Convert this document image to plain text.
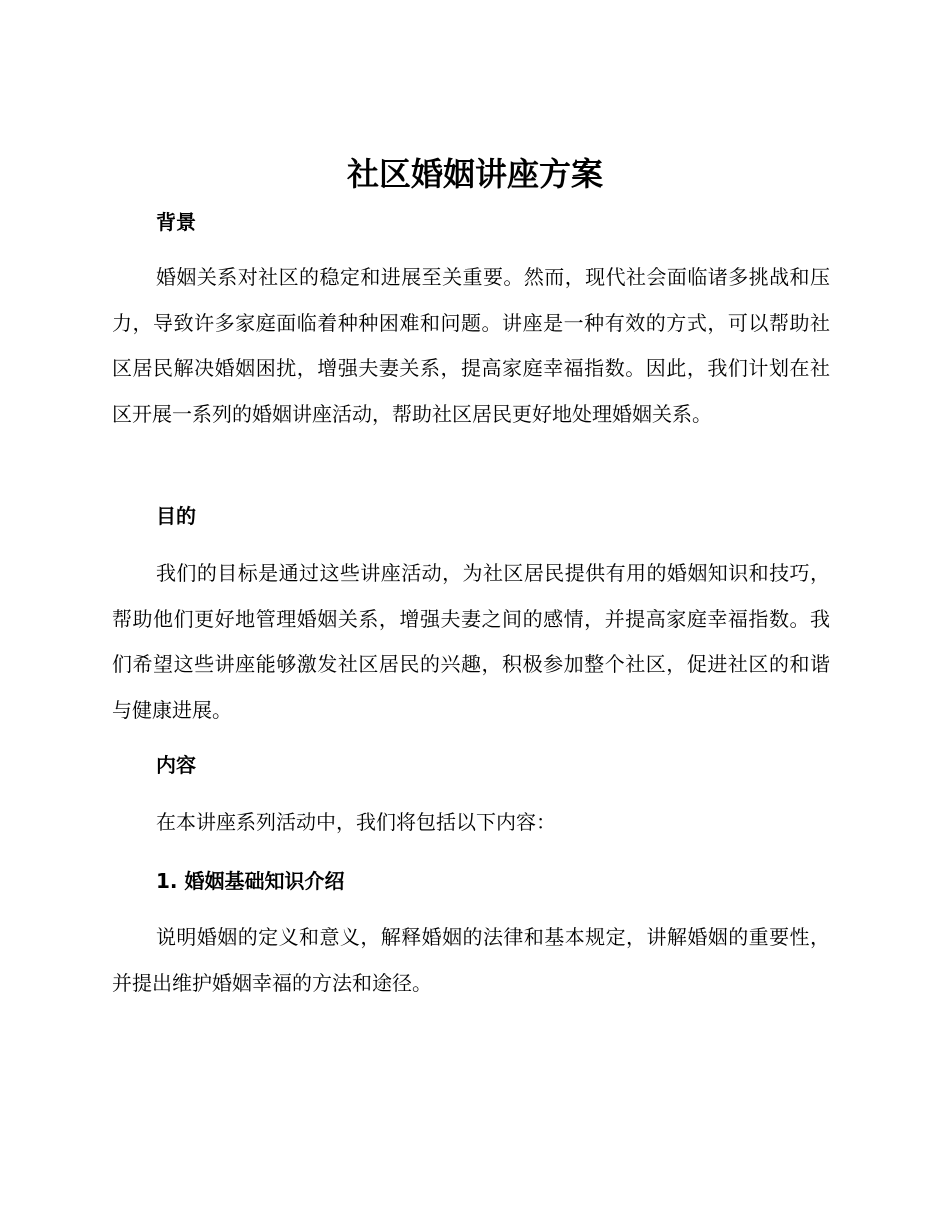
社区婚姻讲座方案
背景

婚姻关系对社区的稳定和进展至关重要。然而，现代社会面临诸多挑战和压力，导致许多家庭面临着种种困难和问题。讲座是一种有效的方式，可以帮助社区居民解决婚姻困扰，增强夫妻关系，提高家庭幸福指数。因此，我们计划在社区开展一系列的婚姻讲座活动，帮助社区居民更好地处理婚姻关系。

目的

我们的目标是通过这些讲座活动，为社区居民提供有用的婚姻知识和技巧，帮助他们更好地管理婚姻关系，增强夫妻之间的感情，并提高家庭幸福指数。我们希望这些讲座能够激发社区居民的兴趣，积极参加整个社区，促进社区的和谐与健康进展。

内容

在本讲座系列活动中，我们将包括以下内容：

1. 婚姻基础知识介绍

说明婚姻的定义和意义，解释婚姻的法律和基本规定，讲解婚姻的重要性，并提出维护婚姻幸福的方法和途径。
